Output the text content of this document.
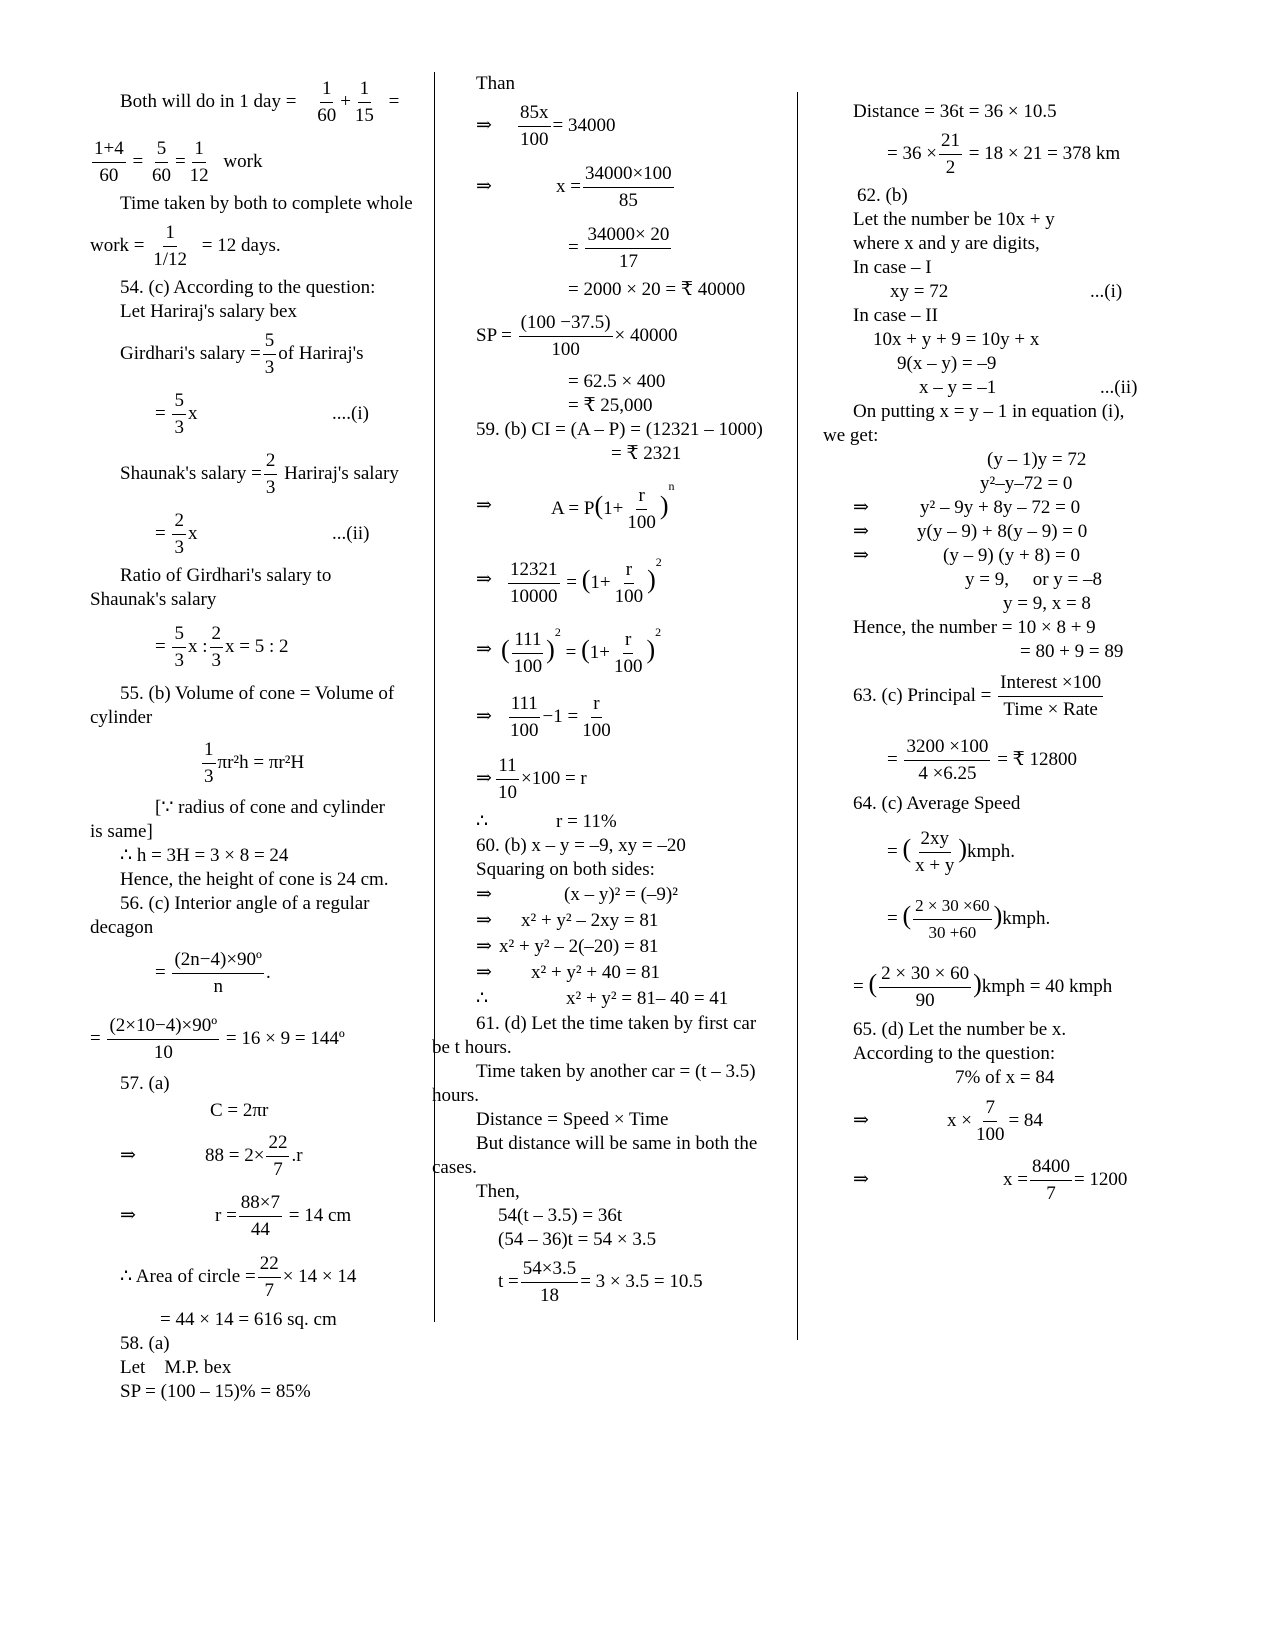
Both will do in 1 day = $\frac{1}{60} + \frac{1}{15}$ =
$\frac{1+4}{60} = \frac{5}{60} = \frac{1}{12}$ work
Time taken by both to complete whole
work = $\frac{1}{1/12} = 12$ days.
54. (c) According to the question:
Let Hariraj's salary bex
Girdhari's salary = $\frac{5}{3}$ of Hariraj's
= $\frac{5}{3}$ x	....(i)
Shaunak's salary = $\frac{2}{3}$ Hariraj's salary
= $\frac{2}{3}$ x	...(ii)
Ratio of Girdhari's salary to
Shaunak's salary
= $\frac{5}{3}$ x : $\frac{2}{3}$ x = 5 : 2
55. (b) Volume of cone = Volume of
cylinder
$\frac{1}{3} \pi r^2h = \pi r^2H$
[∵ radius of cone and cylinder
is same]
∴ h = 3H = 3 × 8 = 24
Hence, the height of cone is 24 cm.
56. (c) Interior angle of a regular
decagon
= $\frac{\text{(2n−4)×90º}}{n}$ .
= $\frac{\text{(2×10−4)×90º}}{10} = 16 \times 9$ = 144º
57. (a)
C = 2πr
⇒	$88 = 2\times \frac{22}{7} .r$
⇒	$r = \frac{88\times 7}{44} = 14$ cm
∴ Area of circle = $\frac{22}{7} \times 14 \times 14$
= 44 × 14 = 616 sq. cm
58. (a)
Let    M.P. bex
SP = (100 – 15)% = 85%
Than
⇒ $\frac{85x}{100} = 34000$
⇒	$x = \frac{34000\times 100}{85}$
= $\frac{34000\times 20}{17}$
= 2000 × 20 = ₹ 40000
SP = $\frac{(100 -37.5)}{100} \times 40000$
= 62.5 × 400
= ₹ 25,000
59. (b) CI = (A – P) = (12321 – 1000)
= ₹ 2321
⇒	$A = P(1+ \frac{r}{100} )^n$
⇒ $\frac{12321}{10000} = (1+ \frac{r}{100} )^2$
⇒ ( $\frac{111}{100} )^2 = (1+ \frac{r}{100} )^2$
⇒ $\frac{111}{100} -1 = \frac{r}{100}$
⇒ $\frac{11}{10} \times 100 = r$
∴	r = 11%
60. (b) x – y = –9, xy = –20
Squaring on both sides:
⇒	(x – y)² = (–9)²
⇒ x² + y² – 2xy = 81
⇒ x² + y² – 2(–20) = 81
⇒ x² + y² + 40 = 81
∴	x² + y² = 81– 40 = 41
61. (d) Let the time taken by first car
be t hours.
Time taken by another car = (t – 3.5)
hours.
Distance = Speed × Time
But distance will be same in both the
cases.
Then,
54(t – 3.5) = 36t
(54 – 36)t = 54 × 3.5
$t = \frac{54\times 3.5}{18} = 3 \times 3.5 = 10.5$
Distance = 36t = 36 × 10.5
= $36 \times \frac{21}{2} = 18 \times 21 = 378$ km
62. (b)
Let the number be 10x + y
where x and y are digits,
In case – I
xy = 72	...(i)
In case – II
10x + y + 9 = 10y + x
9(x – y) = –9
x – y = –1	...(ii)
On putting x = y – 1 in equation (i),
we get:
(y – 1)y = 72
y²–y–72 = 0
⇒	y² – 9y + 8y – 72 = 0
⇒	y(y – 9) + 8(y – 9) = 0
⇒	(y – 9) (y + 8) = 0
y = 9,     or y = –8
y = 9, x = 8
Hence, the number = 10 × 8 + 9
= 80 + 9 = 89
63. (c) Principal =
Interest ×100
Time × Rate
= $\frac{3200 \times 100}{4 \times 6.25}$ = ₹ 12800
64. (c) Average Speed
= ( $\frac{2xy}{x + y}$ )kmph.
= ( $\frac{2 \times 30 \times 60}{30 +60}$ )kmph.
= ( $\frac{2 \times 30 \times 60}{90}$ )kmph = 40 kmph
65. (d) Let the number be x.
According to the question:
7% of x = 84
⇒	$x \times \frac{7}{100} = 84$
⇒	$x = \frac{8400}{7} = 1200$
